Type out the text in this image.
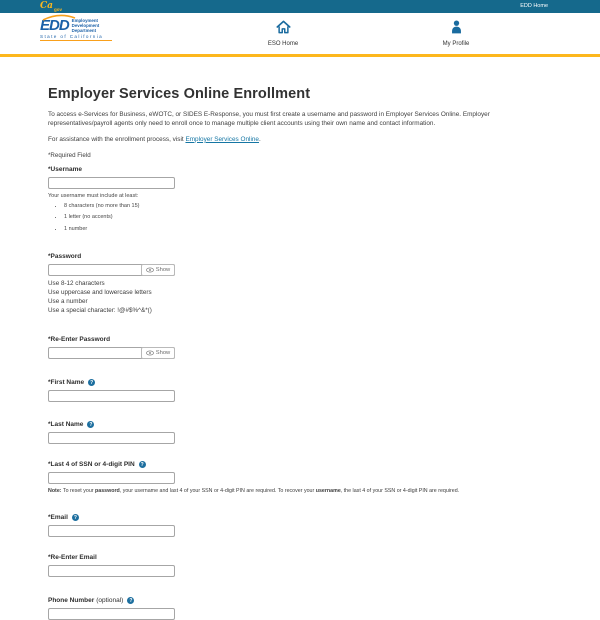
$Ca_{gov}$
EDD Home
EDD Employment
Development
Department
State of California
ESO Home	My Profile
Employer Services Online Enrollment

To access e-Services for Business, eWOTC, or SIDES E-Response, you must first create a username and password in Employer Services Online. Employer representatives/payroll agents only need to enroll once to manage multiple client accounts using their own name and contact information.

For assistance with the enrollment process, visit Employer Services Online.

*Required Field

*Username
Your username must include at least:
• 8 characters (no more than 15)
• 1 letter (no accents)
• 1 number
*Password
Show
Use 8-12 characters
Use uppercase and lowercase letters
Use a number
Use a special character: !@#$%^&*()
*Re-Enter Password
Show
*First Name	?
*Last Name	?
*Last 4 of SSN or 4-digit PIN	?
Note: To reset your password, your username and last 4 of your SSN or 4-digit PIN are required. To recover your username, the last 4 of your SSN or 4-digit PIN are required.
*Email	?
*Re-Enter Email
Phone Number (optional)	?
